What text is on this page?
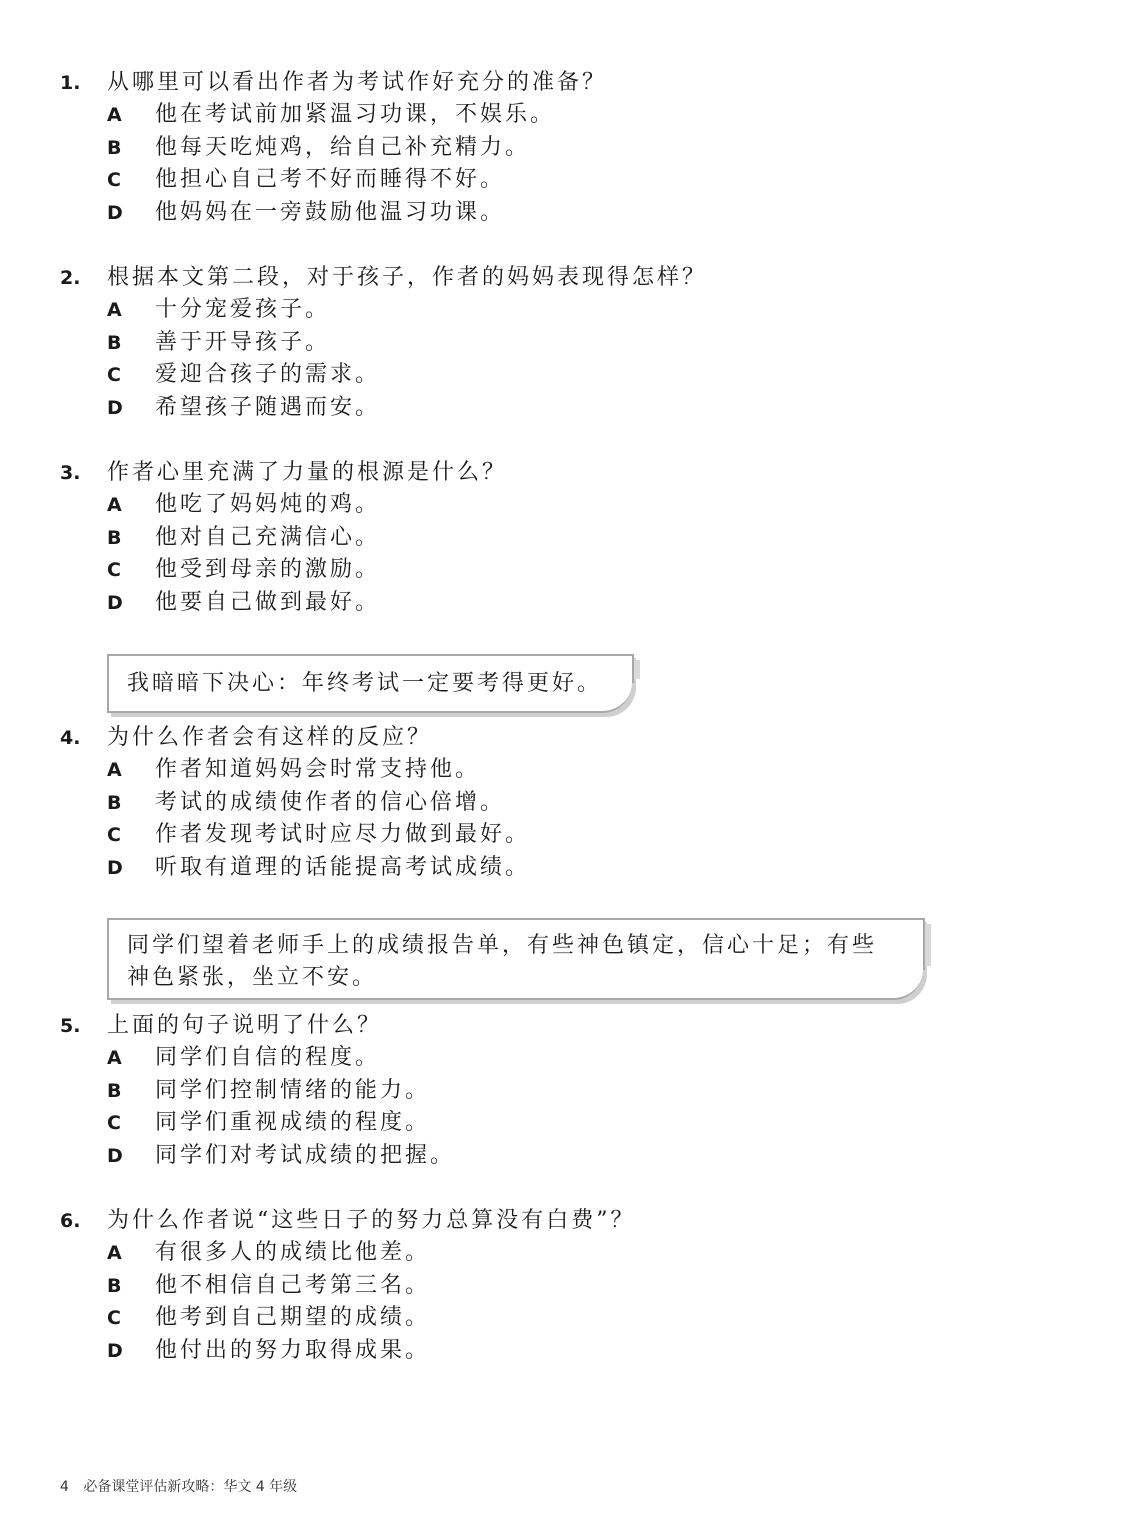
1.	从哪里可以看出作者为考试作好充分的准备？
A 他在考试前加紧温习功课，不娱乐。
B 他每天吃炖鸡，给自己补充精力。
C 他担心自己考不好而睡得不好。
D 他妈妈在一旁鼓励他温习功课。
2.	根据本文第二段，对于孩子，作者的妈妈表现得怎样？
A 十分宠爱孩子。
B 善于开导孩子。
C 爱迎合孩子的需求。
D 希望孩子随遇而安。
3.	作者心里充满了力量的根源是什么？
A 他吃了妈妈炖的鸡。
B 他对自己充满信心。
C 他受到母亲的激励。
D 他要自己做到最好。
我暗暗下决心：年终考试一定要考得更好。
4.	为什么作者会有这样的反应？
A 作者知道妈妈会时常支持他。
B 考试的成绩使作者的信心倍增。
C 作者发现考试时应尽力做到最好。
D 听取有道理的话能提高考试成绩。
同学们望着老师手上的成绩报告单，有些神色镇定，信心十足；有些
神色紧张，坐立不安。
5.	上面的句子说明了什么？
A 同学们自信的程度。
B 同学们控制情绪的能力。
C 同学们重视成绩的程度。
D 同学们对考试成绩的把握。
6.	为什么作者说“这些日子的努力总算没有白费”？
A 有很多人的成绩比他差。
B 他不相信自己考第三名。
C 他考到自己期望的成绩。
D 他付出的努力取得成果。
4 必备课堂评估新攻略：华文 4 年级
